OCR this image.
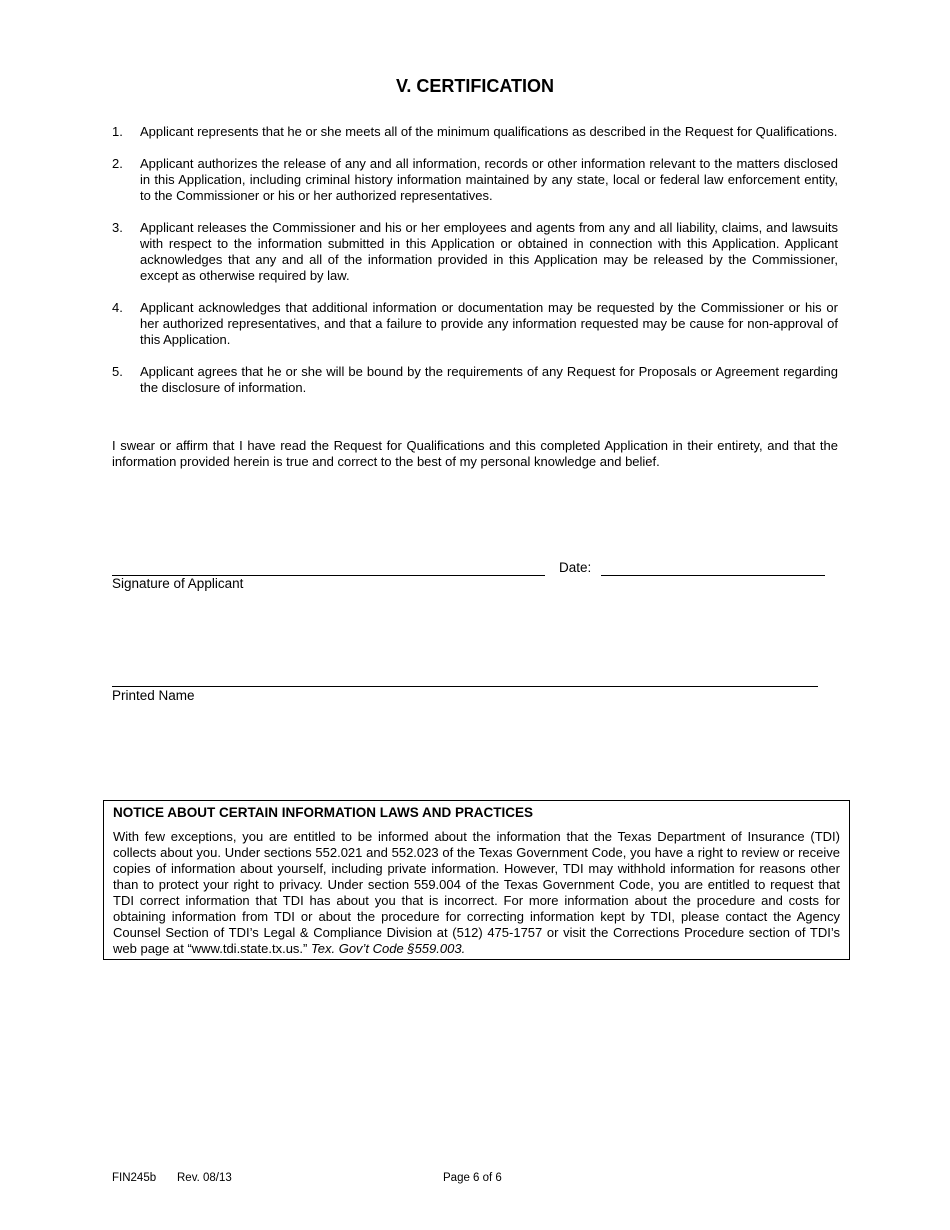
V. CERTIFICATION
1. Applicant represents that he or she meets all of the minimum qualifications as described in the Request for Qualifications.
2. Applicant authorizes the release of any and all information, records or other information relevant to the matters disclosed in this Application, including criminal history information maintained by any state, local or federal law enforcement entity, to the Commissioner or his or her authorized representatives.
3. Applicant releases the Commissioner and his or her employees and agents from any and all liability, claims, and lawsuits with respect to the information submitted in this Application or obtained in connection with this Application. Applicant acknowledges that any and all of the information provided in this Application may be released by the Commissioner, except as otherwise required by law.
4. Applicant acknowledges that additional information or documentation may be requested by the Commissioner or his or her authorized representatives, and that a failure to provide any information requested may be cause for non-approval of this Application.
5. Applicant agrees that he or she will be bound by the requirements of any Request for Proposals or Agreement regarding the disclosure of information.

I swear or affirm that I have read the Request for Qualifications and this completed Application in their entirety, and that the information provided herein is true and correct to the best of my personal knowledge and belief.

Signature of Applicant
Date:
Printed Name

NOTICE ABOUT CERTAIN INFORMATION LAWS AND PRACTICES

With few exceptions, you are entitled to be informed about the information that the Texas Department of Insurance (TDI) collects about you. Under sections 552.021 and 552.023 of the Texas Government Code, you have a right to review or receive copies of information about yourself, including private information. However, TDI may withhold information for reasons other than to protect your right to privacy. Under section 559.004 of the Texas Government Code, you are entitled to request that TDI correct information that TDI has about you that is incorrect. For more information about the procedure and costs for obtaining information from TDI or about the procedure for correcting information kept by TDI, please contact the Agency Counsel Section of TDI’s Legal & Compliance Division at (512) 475-1757 or visit the Corrections Procedure section of TDI’s web page at “www.tdi.state.tx.us.” Tex. Gov’t Code §559.003.

FIN245b Rev. 08/13	Page 6 of 6
